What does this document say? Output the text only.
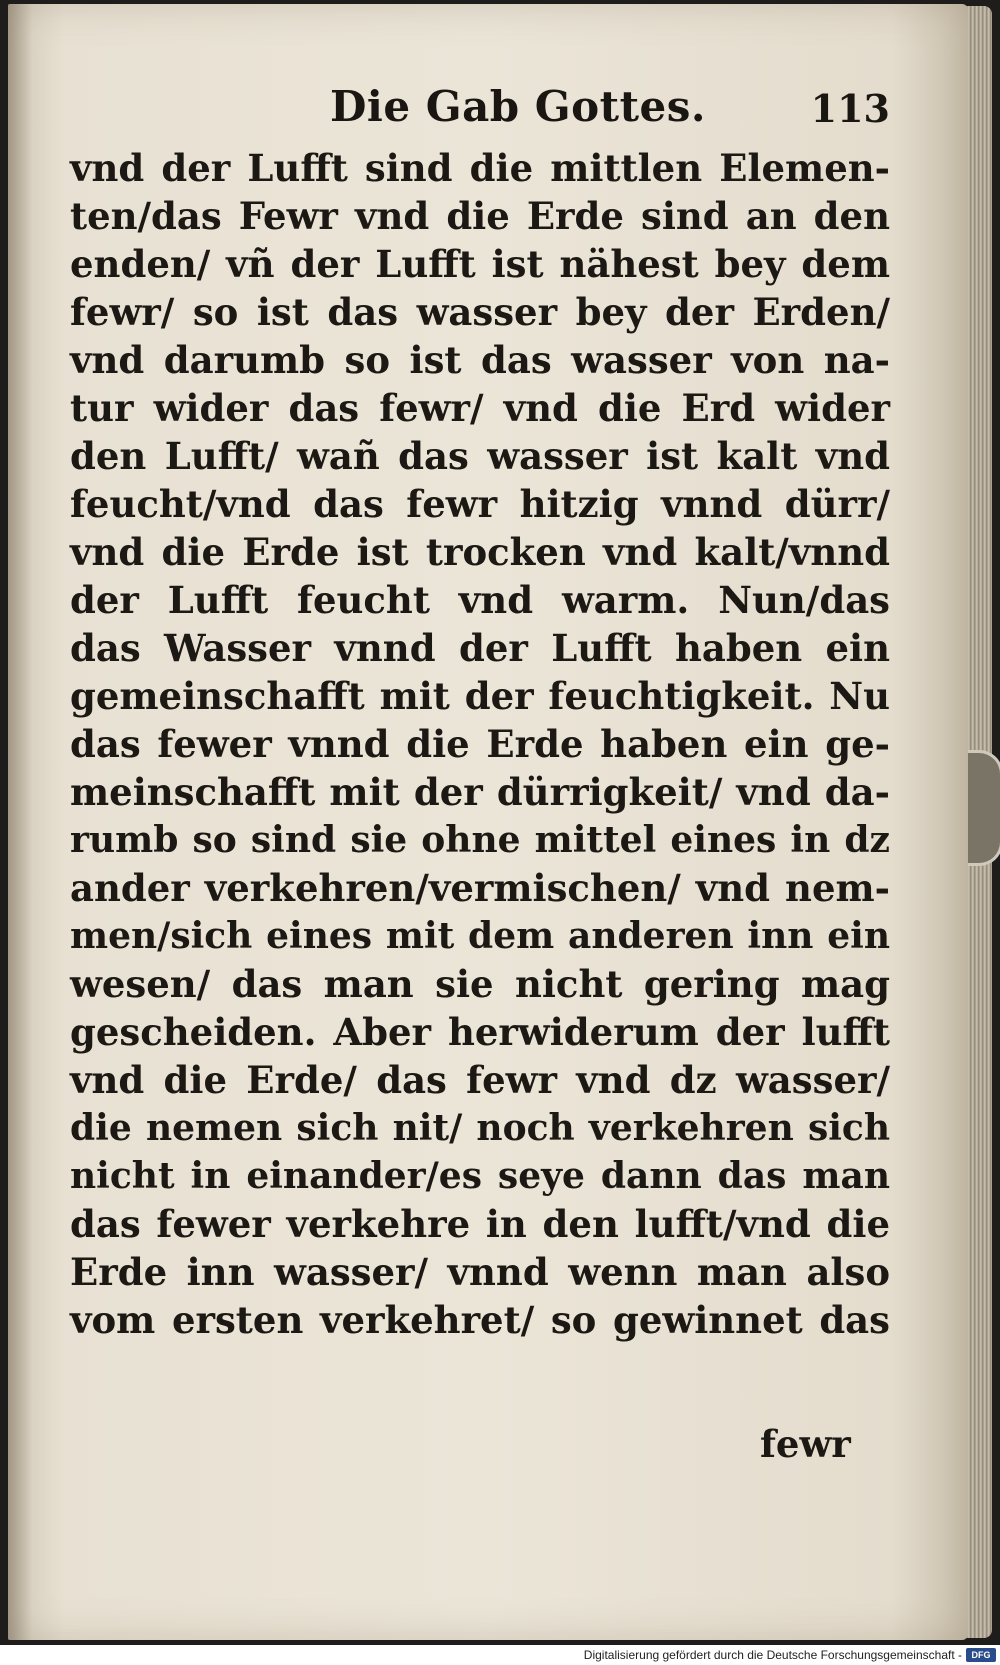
Die Gab Gottes.	113
vnd der Lufft sind die mittlen Elemen-
ten/das Fewr vnd die Erde sind an den
enden/ vñ der Lufft ist nähest bey dem
fewr/ so ist das wasser bey der Erden/
vnd darumb so ist das wasser von na-
tur wider das fewr/ vnd die Erd wider
den Lufft/ wañ das wasser ist kalt vnd
feucht/vnd das fewr hitzig vnnd dürr/
vnd die Erde ist trocken vnd kalt/vnnd
der Lufft feucht vnd warm. Nun/das
das Wasser vnnd der Lufft haben ein
gemeinschafft mit der feuchtigkeit. Nu
das fewer vnnd die Erde haben ein ge-
meinschafft mit der dürrigkeit/ vnd da-
rumb so sind sie ohne mittel eines in dz
ander verkehren/vermischen/ vnd nem-
men/sich eines mit dem anderen inn ein
wesen/ das man sie nicht gering mag
gescheiden. Aber herwiderum der lufft
vnd die Erde/ das fewr vnd dz wasser/
die nemen sich nit/ noch verkehren sich
nicht in einander/es seye dann das man
das fewer verkehre in den lufft/vnd die
Erde inn wasser/ vnnd wenn man also
vom ersten verkehret/ so gewinnet das
fewr
Digitalisierung gefördert durch die Deutsche Forschungsgemeinschaft -	DFG
